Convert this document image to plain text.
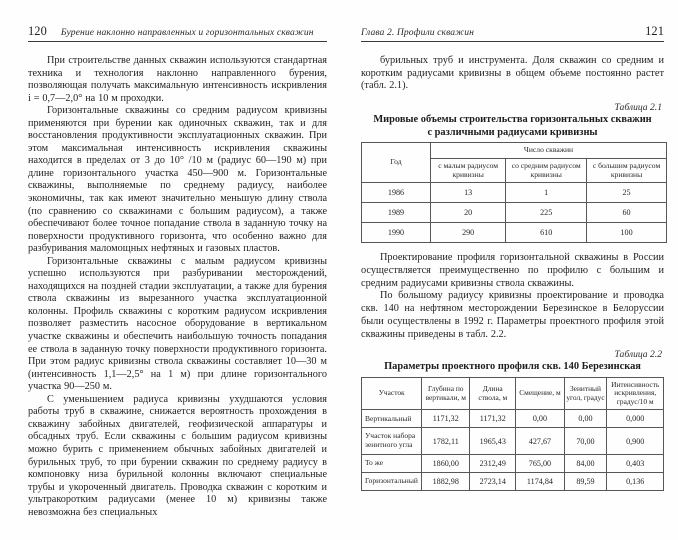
120 Бурение наклонно направленных и горизонтальных скважин

При строительстве данных скважин используются стандартная техника и технология наклонно направленного бурения, позволяющая получать максимальную интенсивность искривления i = 0,7—2,0° на 10 м проходки.

Горизонтальные скважины со средним радиусом кривизны применяются при бурении как одиночных скважин, так и для восстановления продуктивности эксплуатационных скважин. При этом максимальная интенсивность искривления скважины находится в пределах от 3 до 10° /10 м (радиус 60—190 м) при длине горизонтального участка 450—900 м. Горизонтальные скважины, выполняемые по среднему радиусу, наиболее экономичны, так как имеют значительно меньшую длину ствола (по сравнению со скважинами с большим радиусом), а также обеспечивают более точное попадание ствола в заданную точку на поверхности продуктивного горизонта, что особенно важно для разбуривания маломощных нефтяных и газовых пластов.

Горизонтальные скважины с малым радиусом кривизны успешно используются при разбуривании месторождений, находящихся на поздней стадии эксплуатации, а также для бурения ствола скважины из вырезанного участка эксплуатационной колонны. Профиль скважины с коротким радиусом искривления позволяет разместить насосное оборудование в вертикальном участке скважины и обеспечить наибольшую точность попадания ее ствола в заданную точку поверхности продуктивного горизонта. При этом радиус кривизны ствола скважины составляет 10—30 м (интенсивность 1,1—2,5° на 1 м) при длине горизонтального участка 90—250 м.

С уменьшением радиуса кривизны ухудшаются условия работы труб в скважине, снижается вероятность прохождения в скважину забойных двигателей, геофизической аппаратуры и обсадных труб. Если скважины с большим радиусом кривизны можно бурить с применением обычных забойных двигателей и бурильных труб, то при бурении скважин по среднему радиусу в компоновку низа бурильной колонны включают специальные трубы и укороченный двигатель. Проводка скважин с коротким и ультракоротким радиусами (менее 10 м) кривизны также невозможна без специальных

Глава 2. Профили скважин	121

бурильных труб и инструмента. Доля скважин со средним и коротким радиусами кривизны в общем объеме постоянно растет (табл. 2.1).

Таблица 2.1
Мировые объемы строительства горизонтальных скважин
с различными радиусами кривизны
Год	Число скважин		
	с малым радиусом кривизны	со средним радиусом кривизны	с большим радиусом кривизны
1986	13	1	25
1989	20	225	60
1990	290	610	100

Проектирование профиля горизонтальной скважины в России осуществляется преимущественно по профилю с большим и средним радиусами кривизны ствола скважины.

По большому радиусу кривизны проектирование и проводка скв. 140 на нефтяном месторождении Березинское в Белоруссии были осуществлены в 1992 г. Параметры проектного профиля этой скважины приведены в табл. 2.2.

Таблица 2.2
Параметры проектного профиля скв. 140 Березинская
Участок	Глубина по вертикали, м	Длина ствола, м	Смещение, м	Зенитный угол, градус	Интенсивность искривления, градус/10 м
Вертикальный	1171,32	1171,32	0,00	0,00	0,000
Участок набора зенитного угла	1782,11	1965,43	427,67	70,00	0,900
То же	1860,00	2312,49	765,00	84,00	0,403
Горизонтальный	1882,98	2723,14	1174,84	89,59	0,136
